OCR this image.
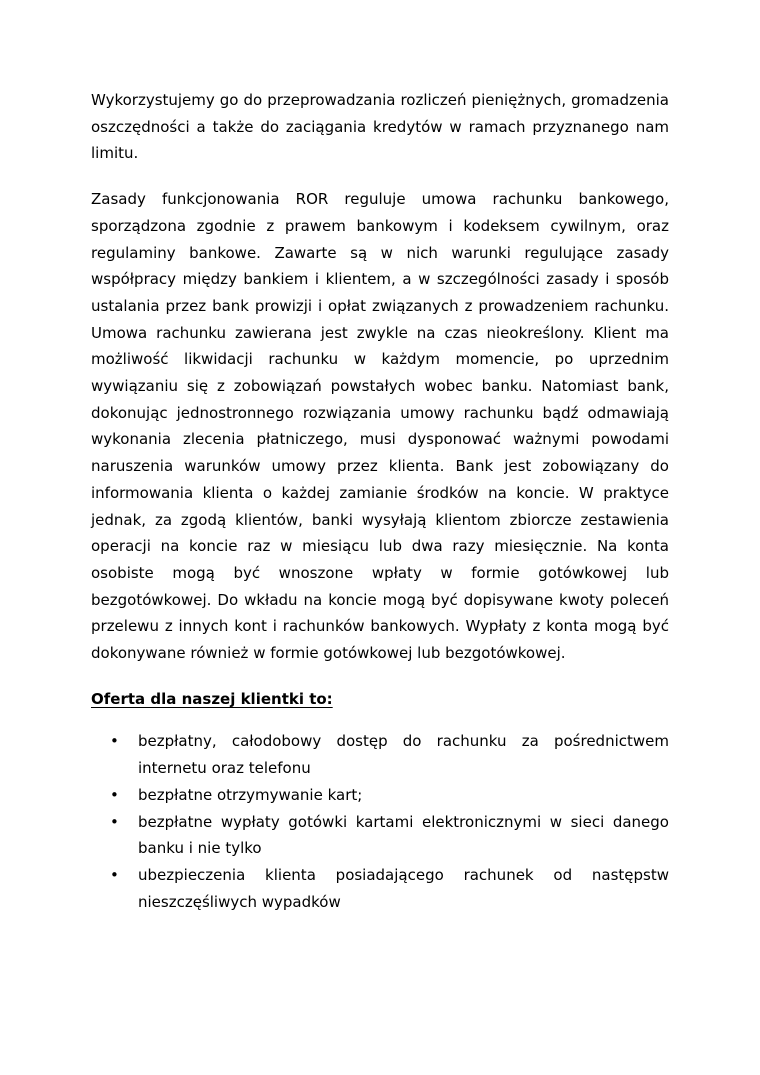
Wykorzystujemy go do przeprowadzania rozliczeń pieniężnych, gromadzenia oszczędności a także do zaciągania kredytów w ramach przyznanego nam limitu.

Zasady funkcjonowania ROR reguluje umowa rachunku bankowego, sporządzona zgodnie z prawem bankowym i kodeksem cywilnym, oraz regulaminy bankowe. Zawarte są w nich warunki regulujące zasady współpracy między bankiem i klientem, a w szczególności zasady i sposób ustalania przez bank prowizji i opłat związanych z prowadzeniem rachunku. Umowa rachunku zawierana jest zwykle na czas nieokreślony. Klient ma możliwość likwidacji rachunku w każdym momencie, po uprzednim wywiązaniu się z zobowiązań powstałych wobec banku. Natomiast bank, dokonując jednostronnego rozwiązania umowy rachunku bądź odmawiają wykonania zlecenia płatniczego, musi dysponować ważnymi powodami naruszenia warunków umowy przez klienta. Bank jest zobowiązany do informowania klienta o każdej zamianie środków na koncie. W praktyce jednak, za zgodą klientów, banki wysyłają klientom zbiorcze zestawienia operacji na koncie raz w miesiącu lub dwa razy miesięcznie. Na konta osobiste mogą być wnoszone wpłaty w formie gotówkowej lub bezgotówkowej. Do wkładu na koncie mogą być dopisywane kwoty poleceń przelewu z innych kont i rachunków bankowych. Wypłaty z konta mogą być dokonywane również w formie gotówkowej lub bezgotówkowej.

Oferta dla naszej klientki to:

• bezpłatny, całodobowy dostęp do rachunku za pośrednictwem internetu oraz telefonu
• bezpłatne otrzymywanie kart;
• bezpłatne wypłaty gotówki kartami elektronicznymi w sieci danego banku i nie tylko
• ubezpieczenia klienta posiadającego rachunek od następstw nieszczęśliwych wypadków
